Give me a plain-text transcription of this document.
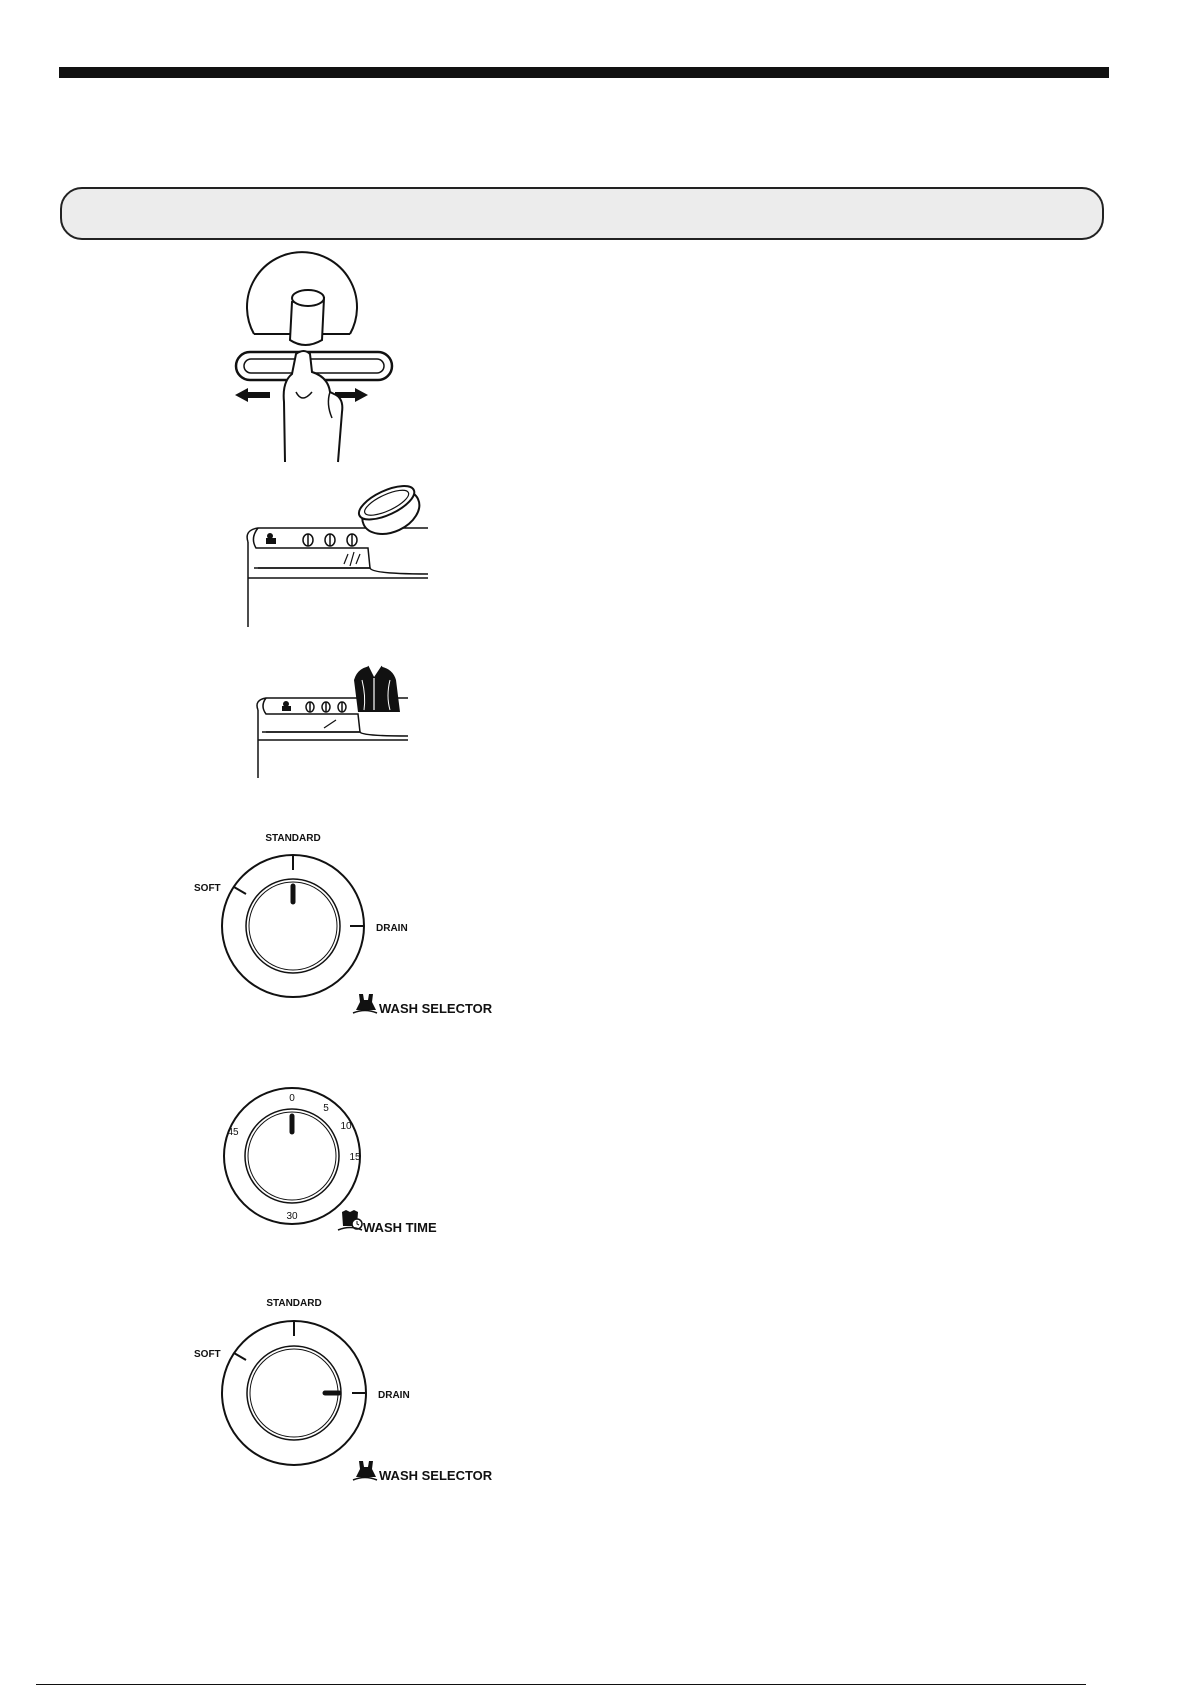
STANDARD
SOFT
DRAIN
WASH SELECTOR
0
5
10
15
30
45
WASH TIME
STANDARD
SOFT
DRAIN
WASH SELECTOR
